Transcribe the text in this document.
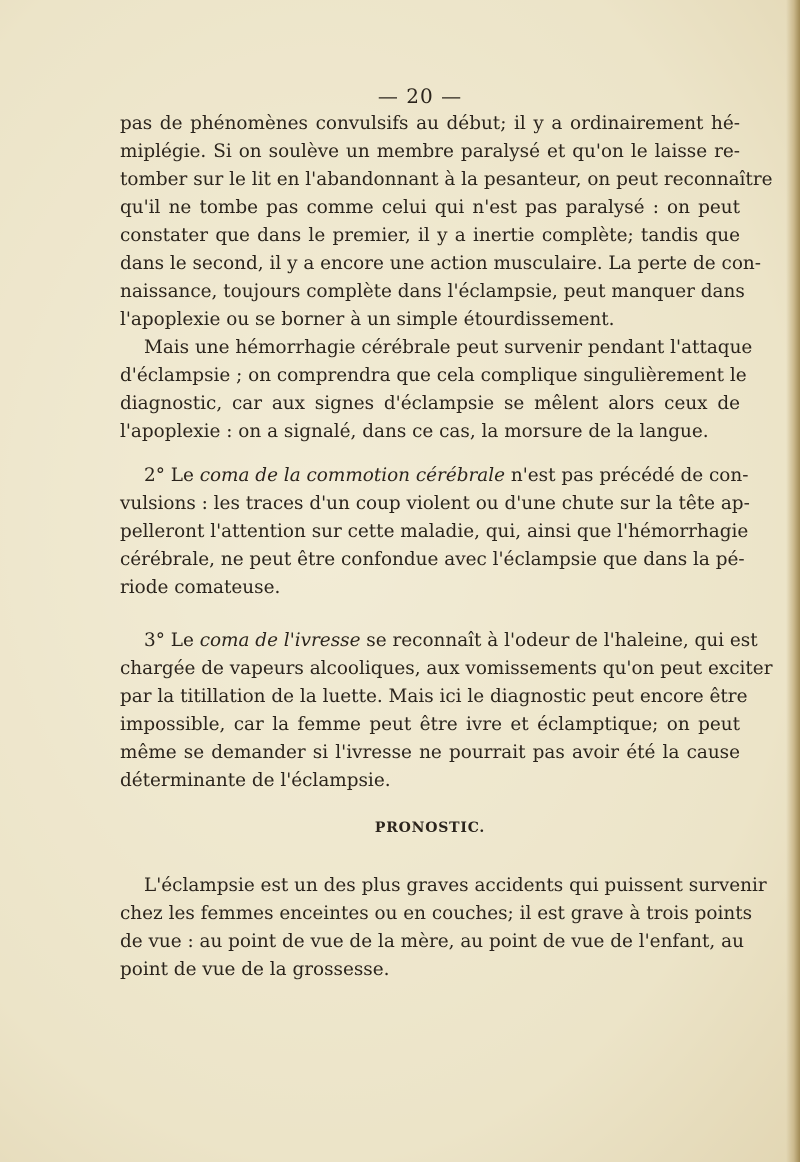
— 20 —
pas de phénomènes convulsifs au début; il y a ordinairement hé-
miplégie. Si on soulève un membre paralysé et qu'on le laisse re-
tomber sur le lit en l'abandonnant à la pesanteur, on peut reconnaître
qu'il ne tombe pas comme celui qui n'est pas paralysé : on peut
constater que dans le premier, il y a inertie complète; tandis que
dans le second, il y a encore une action musculaire. La perte de con-
naissance, toujours complète dans l'éclampsie, peut manquer dans
l'apoplexie ou se borner à un simple étourdissement.
Mais une hémorrhagie cérébrale peut survenir pendant l'attaque
d'éclampsie ; on comprendra que cela complique singulièrement le
diagnostic, car aux signes d'éclampsie se mêlent alors ceux de
l'apoplexie : on a signalé, dans ce cas, la morsure de la langue.
2° Le coma de la commotion cérébrale n'est pas précédé de con-
vulsions : les traces d'un coup violent ou d'une chute sur la tête ap-
pelleront l'attention sur cette maladie, qui, ainsi que l'hémorrhagie
cérébrale, ne peut être confondue avec l'éclampsie que dans la pé-
riode comateuse.
3° Le coma de l'ivresse se reconnaît à l'odeur de l'haleine, qui est
chargée de vapeurs alcooliques, aux vomissements qu'on peut exciter
par la titillation de la luette. Mais ici le diagnostic peut encore être
impossible, car la femme peut être ivre et éclamptique; on peut
même se demander si l'ivresse ne pourrait pas avoir été la cause
déterminante de l'éclampsie.
PRONOSTIC.
L'éclampsie est un des plus graves accidents qui puissent survenir
chez les femmes enceintes ou en couches; il est grave à trois points
de vue : au point de vue de la mère, au point de vue de l'enfant, au
point de vue de la grossesse.
